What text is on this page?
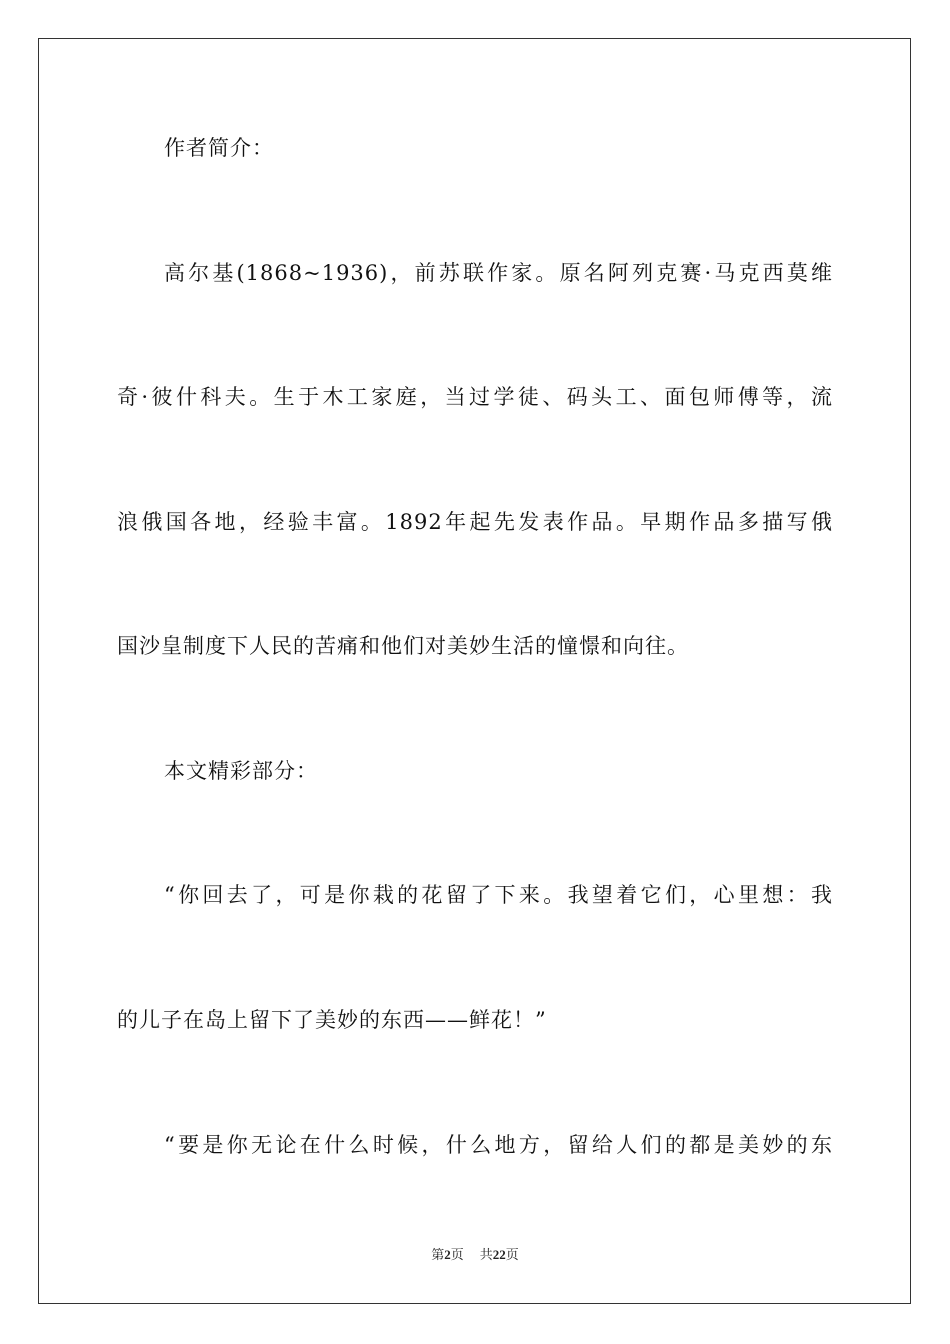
作者简介：
高尔基(1868~1936)，前苏联作家。原名阿列克赛·马克西莫维
奇·彼什科夫。生于木工家庭，当过学徒、码头工、面包师傅等，流
浪俄国各地，经验丰富。1892年起先发表作品。早期作品多描写俄
国沙皇制度下人民的苦痛和他们对美妙生活的憧憬和向往。
本文精彩部分：
“你回去了，可是你栽的花留了下来。我望着它们，心里想：我
的儿子在岛上留下了美妙的东西——鲜花！”
“要是你无论在什么时候，什么地方，留给人们的都是美妙的东
第2页 共22页
